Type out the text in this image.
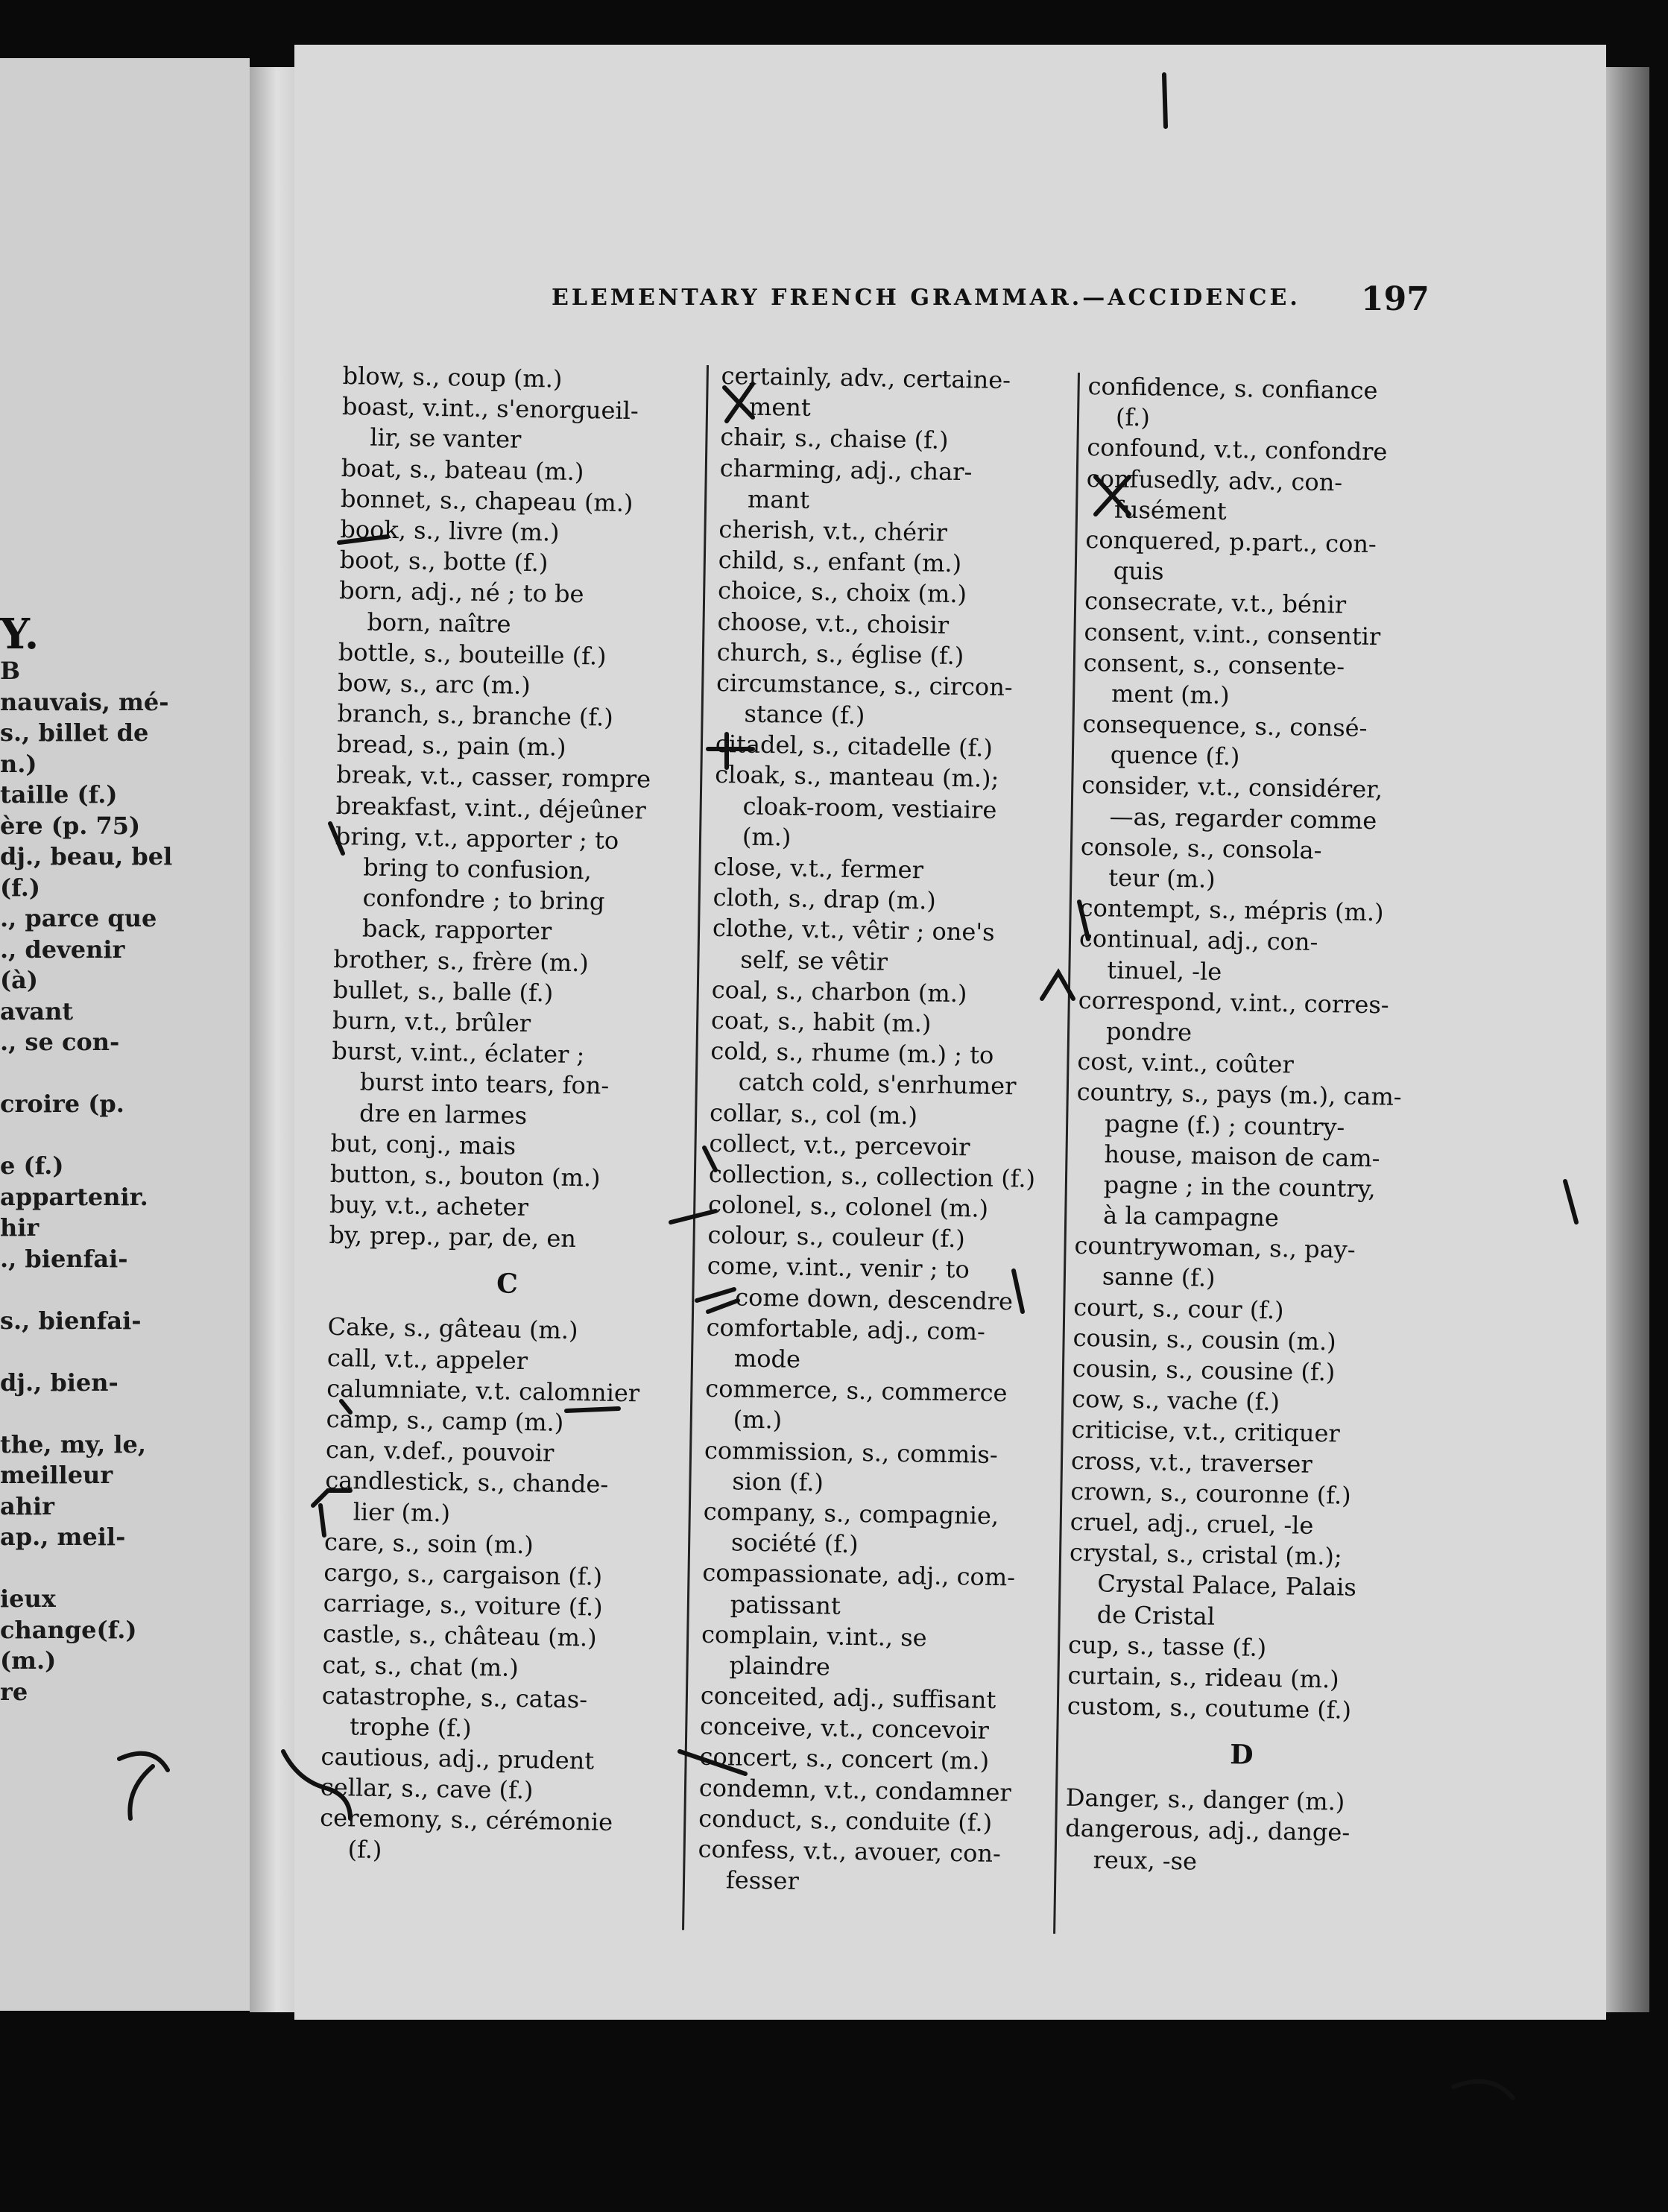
Y.
B
nauvais, mé-
s., billet de
n.)
taille (f.)
ère (p. 75)
dj., beau, bel
(f.)
., parce que
., devenir
(à)
avant
., se con-
croire (p.
e (f.)
appartenir.
hir
., bienfai-
s., bienfai-
dj., bien-
the, my, le,
meilleur
ahir
ap., meil-
ieux
change(f.)
(m.)
re
ELEMENTARY FRENCH GRAMMAR.—ACCIDENCE. 197
blow, s., coup (m.)
boast, v.int., s'enorgueil-
lir, se vanter
boat, s., bateau (m.)
bonnet, s., chapeau (m.)
book, s., livre (m.)
boot, s., botte (f.)
born, adj., né ; to be
born, naître
bottle, s., bouteille (f.)
bow, s., arc (m.)
branch, s., branche (f.)
bread, s., pain (m.)
break, v.t., casser, rompre
breakfast, v.int., déjeûner
bring, v.t., apporter ; to
bring to confusion,
confondre ; to bring
back, rapporter
brother, s., frère (m.)
bullet, s., balle (f.)
burn, v.t., brûler
burst, v.int., éclater ;
burst into tears, fon-
dre en larmes
but, conj., mais
button, s., bouton (m.)
buy, v.t., acheter
by, prep., par, de, en
C
Cake, s., gâteau (m.)
call, v.t., appeler
calumniate, v.t. calomnier
camp, s., camp (m.)
can, v.def., pouvoir
candlestick, s., chande-
lier (m.)
care, s., soin (m.)
cargo, s., cargaison (f.)
carriage, s., voiture (f.)
castle, s., château (m.)
cat, s., chat (m.)
catastrophe, s., catas-
trophe (f.)
cautious, adj., prudent
cellar, s., cave (f.)
ceremony, s., cérémonie
(f.)
certainly, adv., certaine-
ment
chair, s., chaise (f.)
charming, adj., char-
mant
cherish, v.t., chérir
child, s., enfant (m.)
choice, s., choix (m.)
choose, v.t., choisir
church, s., église (f.)
circumstance, s., circon-
stance (f.)
citadel, s., citadelle (f.)
cloak, s., manteau (m.);
cloak-room, vestiaire
(m.)
close, v.t., fermer
cloth, s., drap (m.)
clothe, v.t., vêtir ; one's
self, se vêtir
coal, s., charbon (m.)
coat, s., habit (m.)
cold, s., rhume (m.) ; to
catch cold, s'enrhumer
collar, s., col (m.)
collect, v.t., percevoir
collection, s., collection (f.)
colonel, s., colonel (m.)
colour, s., couleur (f.)
come, v.int., venir ; to
come down, descendre
comfortable, adj., com-
mode
commerce, s., commerce
(m.)
commission, s., commis-
sion (f.)
company, s., compagnie,
société (f.)
compassionate, adj., com-
patissant
complain, v.int., se
plaindre
conceited, adj., suffisant
conceive, v.t., concevoir
concert, s., concert (m.)
condemn, v.t., condamner
conduct, s., conduite (f.)
confess, v.t., avouer, con-
fesser
confidence, s. confiance
(f.)
confound, v.t., confondre
confusedly, adv., con-
fusément
conquered, p.part., con-
quis
consecrate, v.t., bénir
consent, v.int., consentir
consent, s., consente-
ment (m.)
consequence, s., consé-
quence (f.)
consider, v.t., considérer,
—as, regarder comme
console, s., consola-
teur (m.)
contempt, s., mépris (m.)
continual, adj., con-
tinuel, -le
correspond, v.int., corres-
pondre
cost, v.int., coûter
country, s., pays (m.), cam-
pagne (f.) ; country-
house, maison de cam-
pagne ; in the country,
à la campagne
countrywoman, s., pay-
sanne (f.)
court, s., cour (f.)
cousin, s., cousin (m.)
cousin, s., cousine (f.)
cow, s., vache (f.)
criticise, v.t., critiquer
cross, v.t., traverser
crown, s., couronne (f.)
cruel, adj., cruel, -le
crystal, s., cristal (m.);
Crystal Palace, Palais
de Cristal
cup, s., tasse (f.)
curtain, s., rideau (m.)
custom, s., coutume (f.)
D
Danger, s., danger (m.)
dangerous, adj., dange-
reux, -se
